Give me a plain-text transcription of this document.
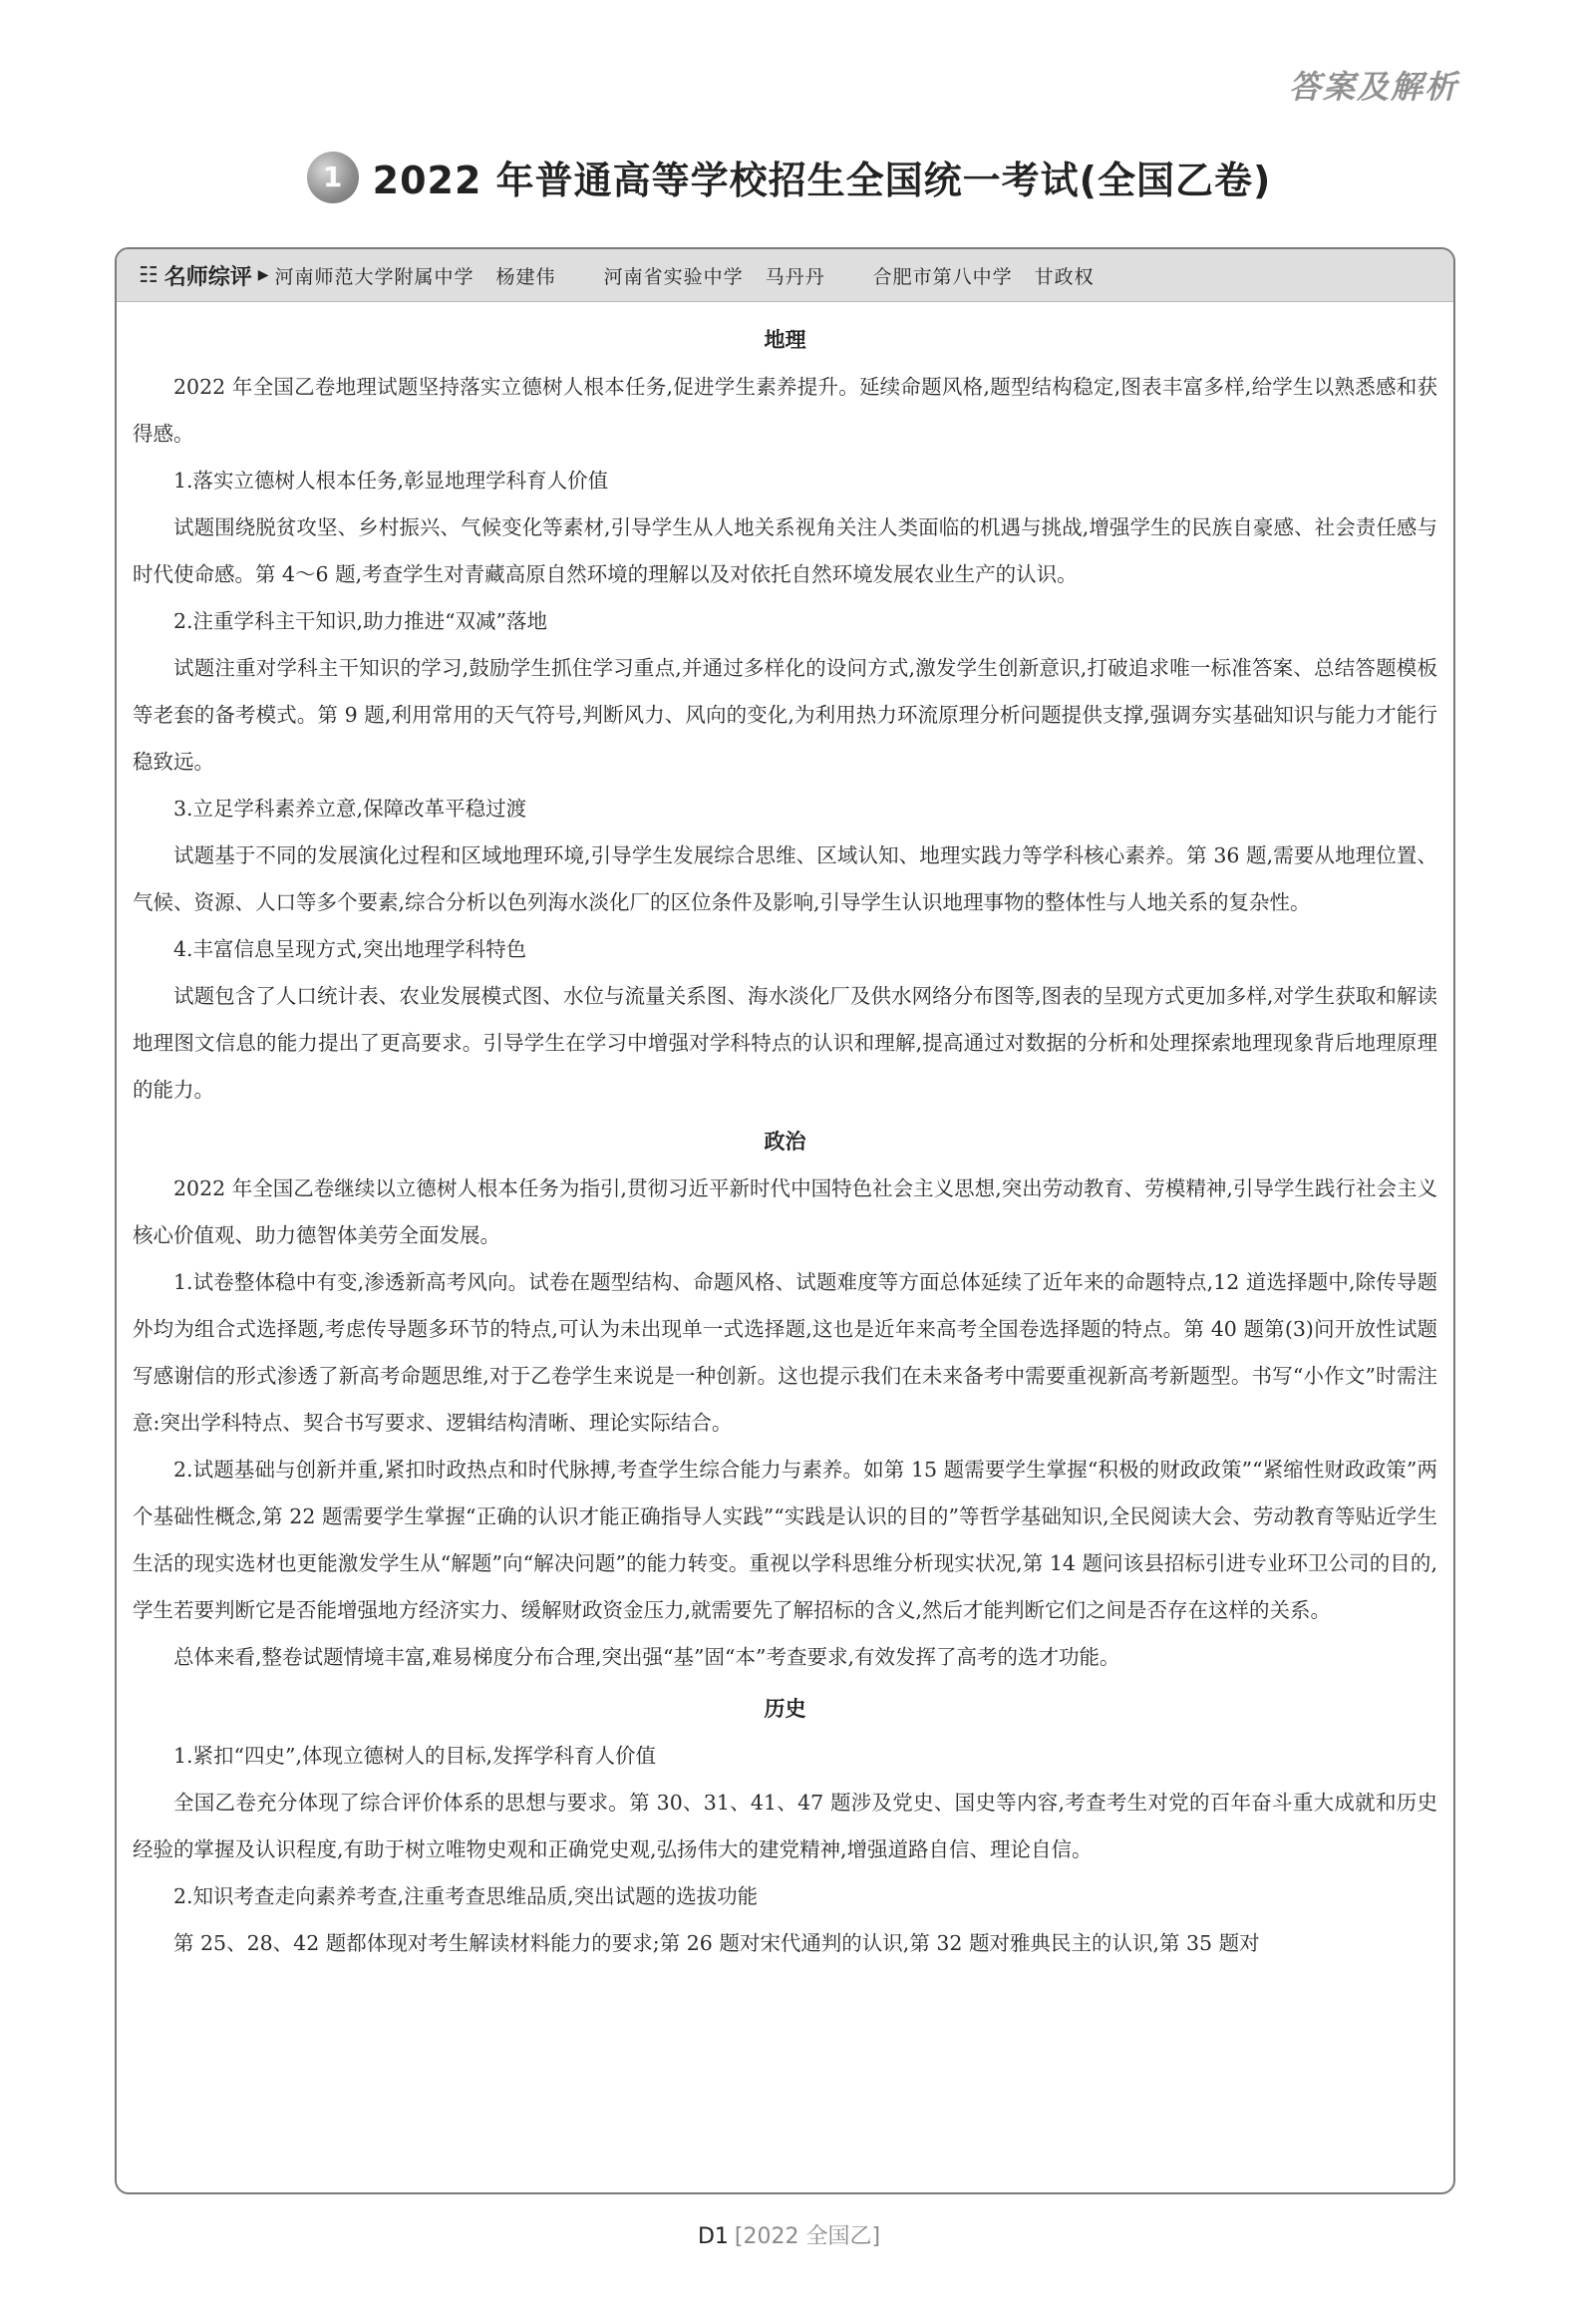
答案及解析
1 2022 年普通高等学校招生全国统一考试(全国乙卷)
☷ 名师综评 ▶ 河南师范大学附属中学 杨建伟	河南省实验中学 马丹丹	合肥市第八中学 甘政权
地理

2022 年全国乙卷地理试题坚持落实立德树人根本任务,促进学生素养提升。延续命题风格,题型结构稳定,图表丰富多样,给学生以熟悉感和获得感。

1.落实立德树人根本任务,彰显地理学科育人价值

试题围绕脱贫攻坚、乡村振兴、气候变化等素材,引导学生从人地关系视角关注人类面临的机遇与挑战,增强学生的民族自豪感、社会责任感与时代使命感。第 4～6 题,考查学生对青藏高原自然环境的理解以及对依托自然环境发展农业生产的认识。

2.注重学科主干知识,助力推进“双减”落地

试题注重对学科主干知识的学习,鼓励学生抓住学习重点,并通过多样化的设问方式,激发学生创新意识,打破追求唯一标准答案、总结答题模板等老套的备考模式。第 9 题,利用常用的天气符号,判断风力、风向的变化,为利用热力环流原理分析问题提供支撑,强调夯实基础知识与能力才能行稳致远。

3.立足学科素养立意,保障改革平稳过渡

试题基于不同的发展演化过程和区域地理环境,引导学生发展综合思维、区域认知、地理实践力等学科核心素养。第 36 题,需要从地理位置、气候、资源、人口等多个要素,综合分析以色列海水淡化厂的区位条件及影响,引导学生认识地理事物的整体性与人地关系的复杂性。

4.丰富信息呈现方式,突出地理学科特色

试题包含了人口统计表、农业发展模式图、水位与流量关系图、海水淡化厂及供水网络分布图等,图表的呈现方式更加多样,对学生获取和解读地理图文信息的能力提出了更高要求。引导学生在学习中增强对学科特点的认识和理解,提高通过对数据的分析和处理探索地理现象背后地理原理的能力。

政治

2022 年全国乙卷继续以立德树人根本任务为指引,贯彻习近平新时代中国特色社会主义思想,突出劳动教育、劳模精神,引导学生践行社会主义核心价值观、助力德智体美劳全面发展。

1.试卷整体稳中有变,渗透新高考风向。试卷在题型结构、命题风格、试题难度等方面总体延续了近年来的命题特点,12 道选择题中,除传导题外均为组合式选择题,考虑传导题多环节的特点,可认为未出现单一式选择题,这也是近年来高考全国卷选择题的特点。第 40 题第(3)问开放性试题写感谢信的形式渗透了新高考命题思维,对于乙卷学生来说是一种创新。这也提示我们在未来备考中需要重视新高考新题型。书写“小作文”时需注意:突出学科特点、契合书写要求、逻辑结构清晰、理论实际结合。

2.试题基础与创新并重,紧扣时政热点和时代脉搏,考查学生综合能力与素养。如第 15 题需要学生掌握“积极的财政政策”“紧缩性财政政策”两个基础性概念,第 22 题需要学生掌握“正确的认识才能正确指导人实践”“实践是认识的目的”等哲学基础知识,全民阅读大会、劳动教育等贴近学生生活的现实选材也更能激发学生从“解题”向“解决问题”的能力转变。重视以学科思维分析现实状况,第 14 题问该县招标引进专业环卫公司的目的,学生若要判断它是否能增强地方经济实力、缓解财政资金压力,就需要先了解招标的含义,然后才能判断它们之间是否存在这样的关系。

总体来看,整卷试题情境丰富,难易梯度分布合理,突出强“基”固“本”考查要求,有效发挥了高考的选才功能。

历史

1.紧扣“四史”,体现立德树人的目标,发挥学科育人价值

全国乙卷充分体现了综合评价体系的思想与要求。第 30、31、41、47 题涉及党史、国史等内容,考查考生对党的百年奋斗重大成就和历史经验的掌握及认识程度,有助于树立唯物史观和正确党史观,弘扬伟大的建党精神,增强道路自信、理论自信。

2.知识考查走向素养考查,注重考查思维品质,突出试题的选拔功能

第 25、28、42 题都体现对考生解读材料能力的要求;第 26 题对宋代通判的认识,第 32 题对雅典民主的认识,第 35 题对

D1 [2022 全国乙]
